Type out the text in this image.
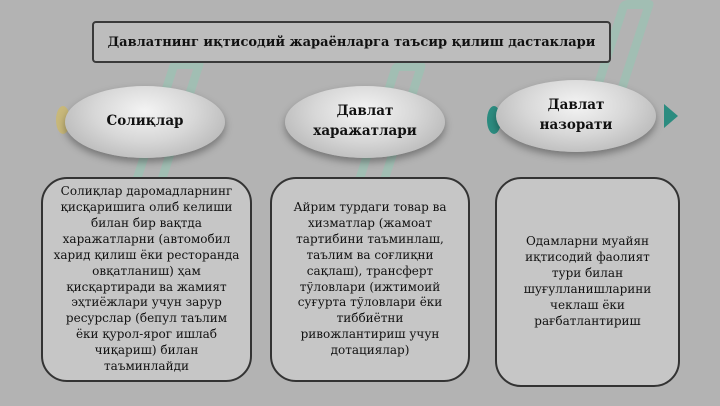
Давлатнинг иқтисодий жараёнларга таъсир қилиш дастаклари
Солиқлар
Давлат харажатлари
Давлат назорати
Солиқлар даромадларнинг қисқаришига олиб келиши билан бир вақтда харажатларни (автомобил харид қилиш ёки ресторанда овқатланиш) ҳам қисқартиради ва жамият эҳтиёжлари учун зарур ресурслар (бепул таълим ёки қурол-ярог ишлаб чиқариш) билан таъминлайди
Айрим турдаги товар ва хизматлар (жамоат тартибини таъминлаш, таълим ва соғлиқни сақлаш), трансферт тўловлари (ижтимоий суғурта тўловлари ёки тиббиётни ривожлантириш учун дотациялар)
Одамларни муайян иқтисодий фаолият тури билан шуғулланишларини чеклаш ёки рағбатлантириш
